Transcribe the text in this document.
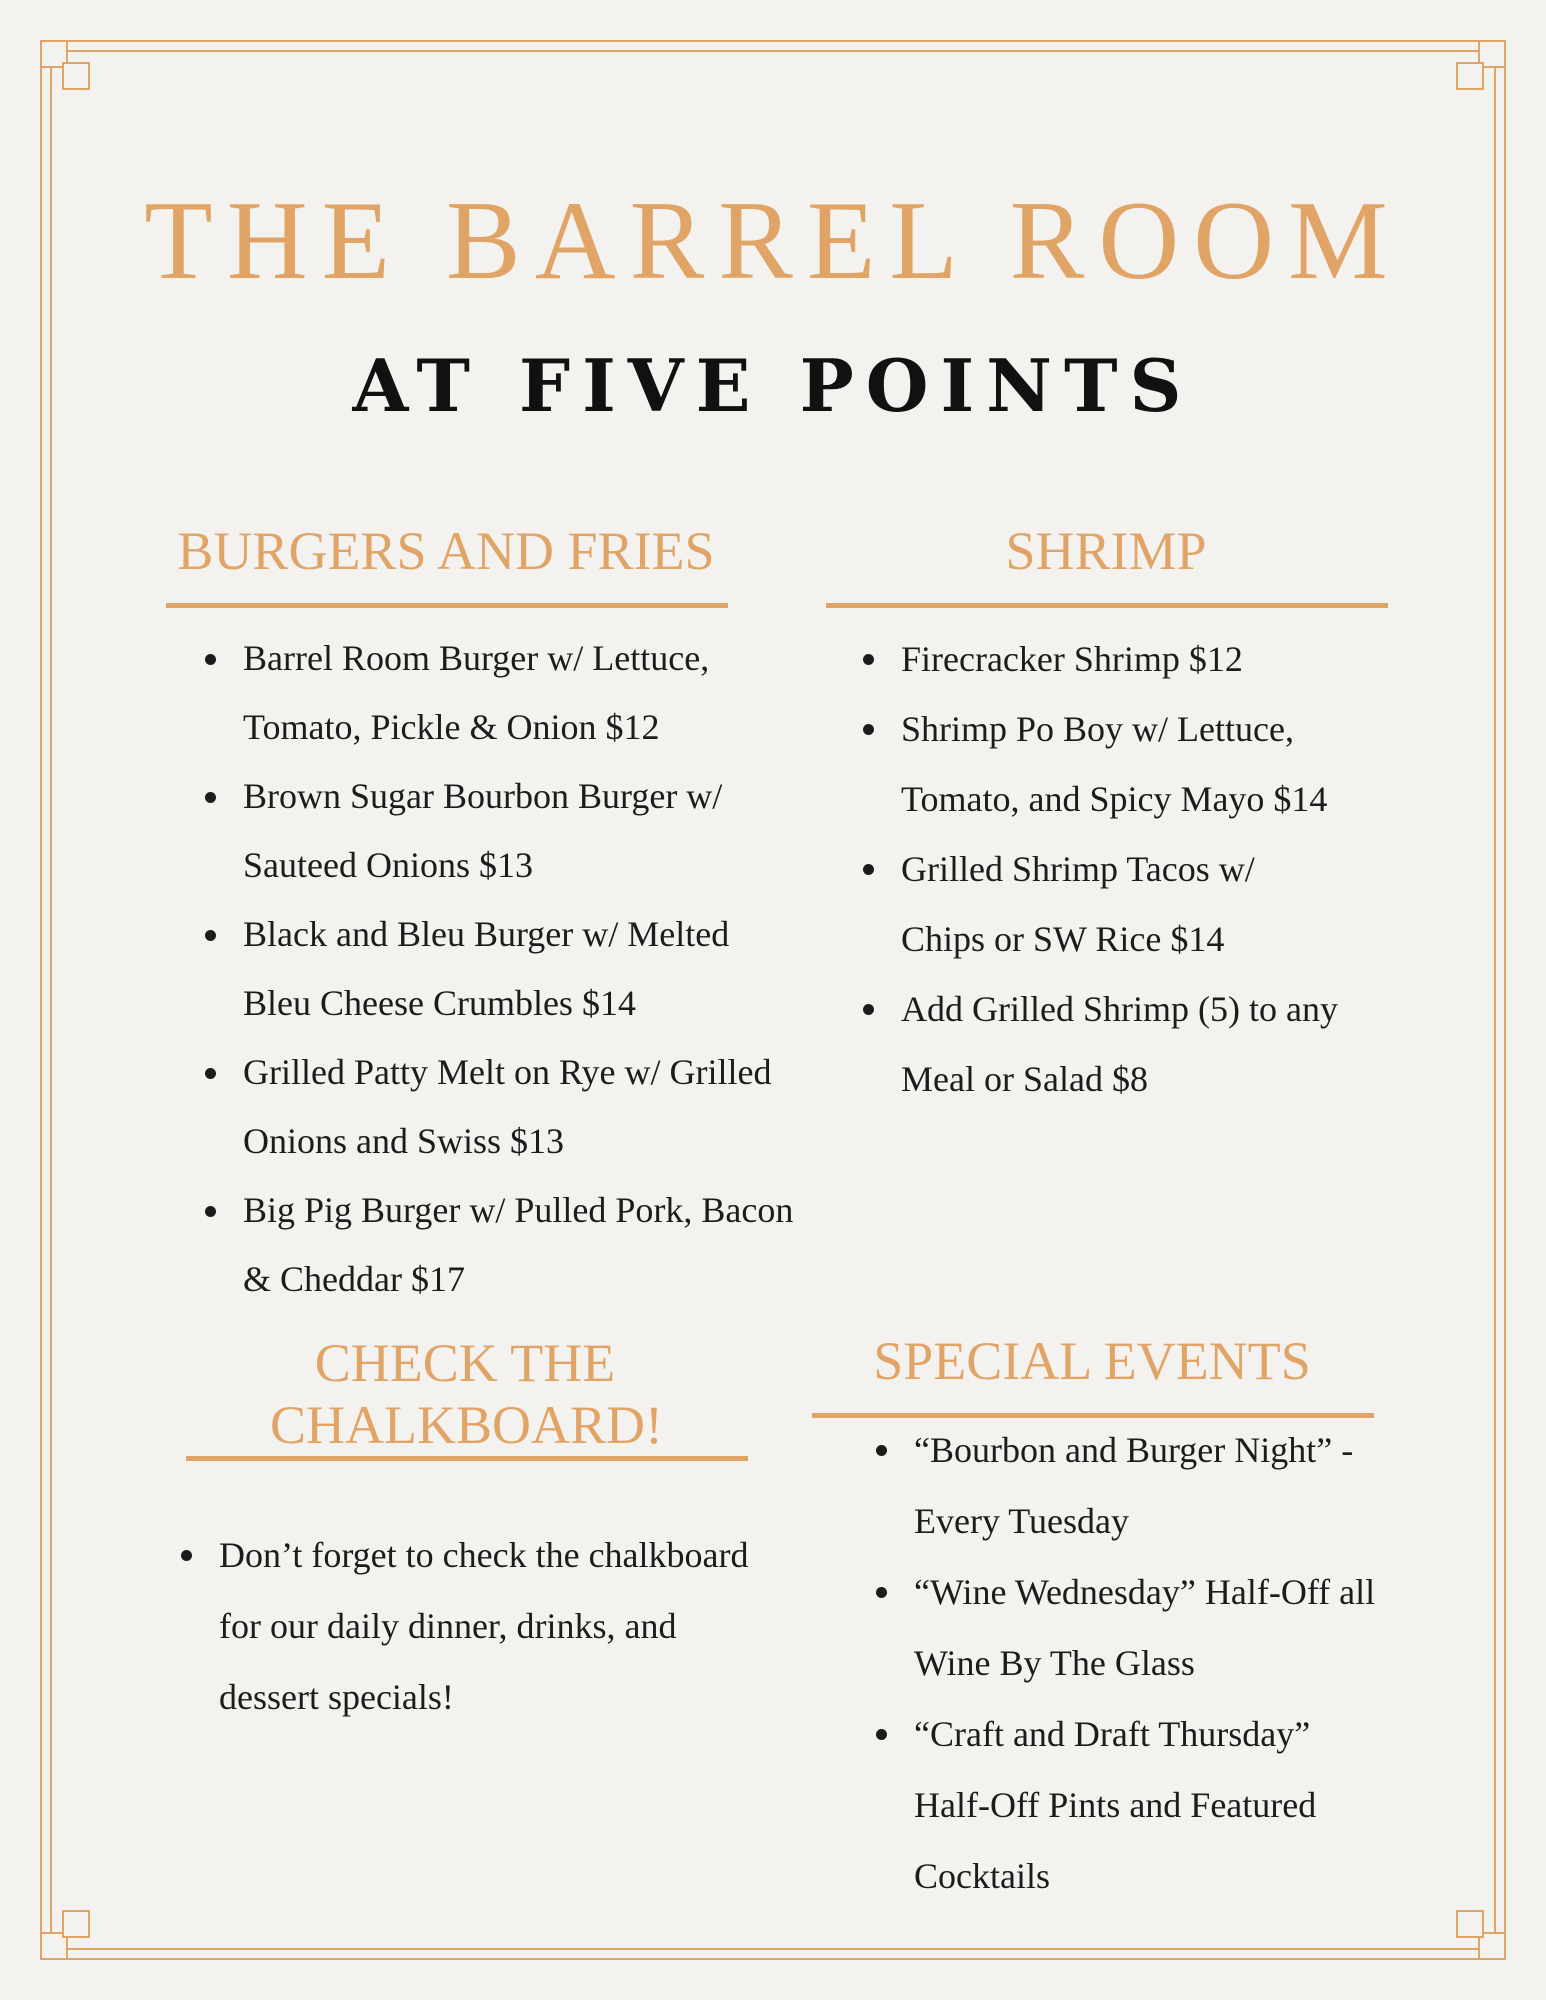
THE BARREL ROOM
AT FIVE POINTS
BURGERS AND FRIES
Barrel Room Burger w/ Lettuce, Tomato, Pickle & Onion $12
Brown Sugar Bourbon Burger w/ Sauteed Onions $13
Black and Bleu Burger w/ Melted Bleu Cheese Crumbles $14
Grilled Patty Melt on Rye w/ Grilled Onions and Swiss $13
Big Pig Burger w/ Pulled Pork, Bacon & Cheddar $17
SHRIMP
Firecracker Shrimp $12
Shrimp Po Boy w/ Lettuce, Tomato, and Spicy Mayo $14
Grilled Shrimp Tacos w/ Chips or SW Rice $14
Add Grilled Shrimp (5) to any Meal or Salad $8
CHECK THE CHALKBOARD!
Don’t forget to check the chalkboard for our daily dinner, drinks, and dessert specials!
SPECIAL EVENTS
“Bourbon and Burger Night” - Every Tuesday
“Wine Wednesday” Half-Off all Wine By The Glass
“Craft and Draft Thursday” Half-Off Pints and Featured Cocktails
